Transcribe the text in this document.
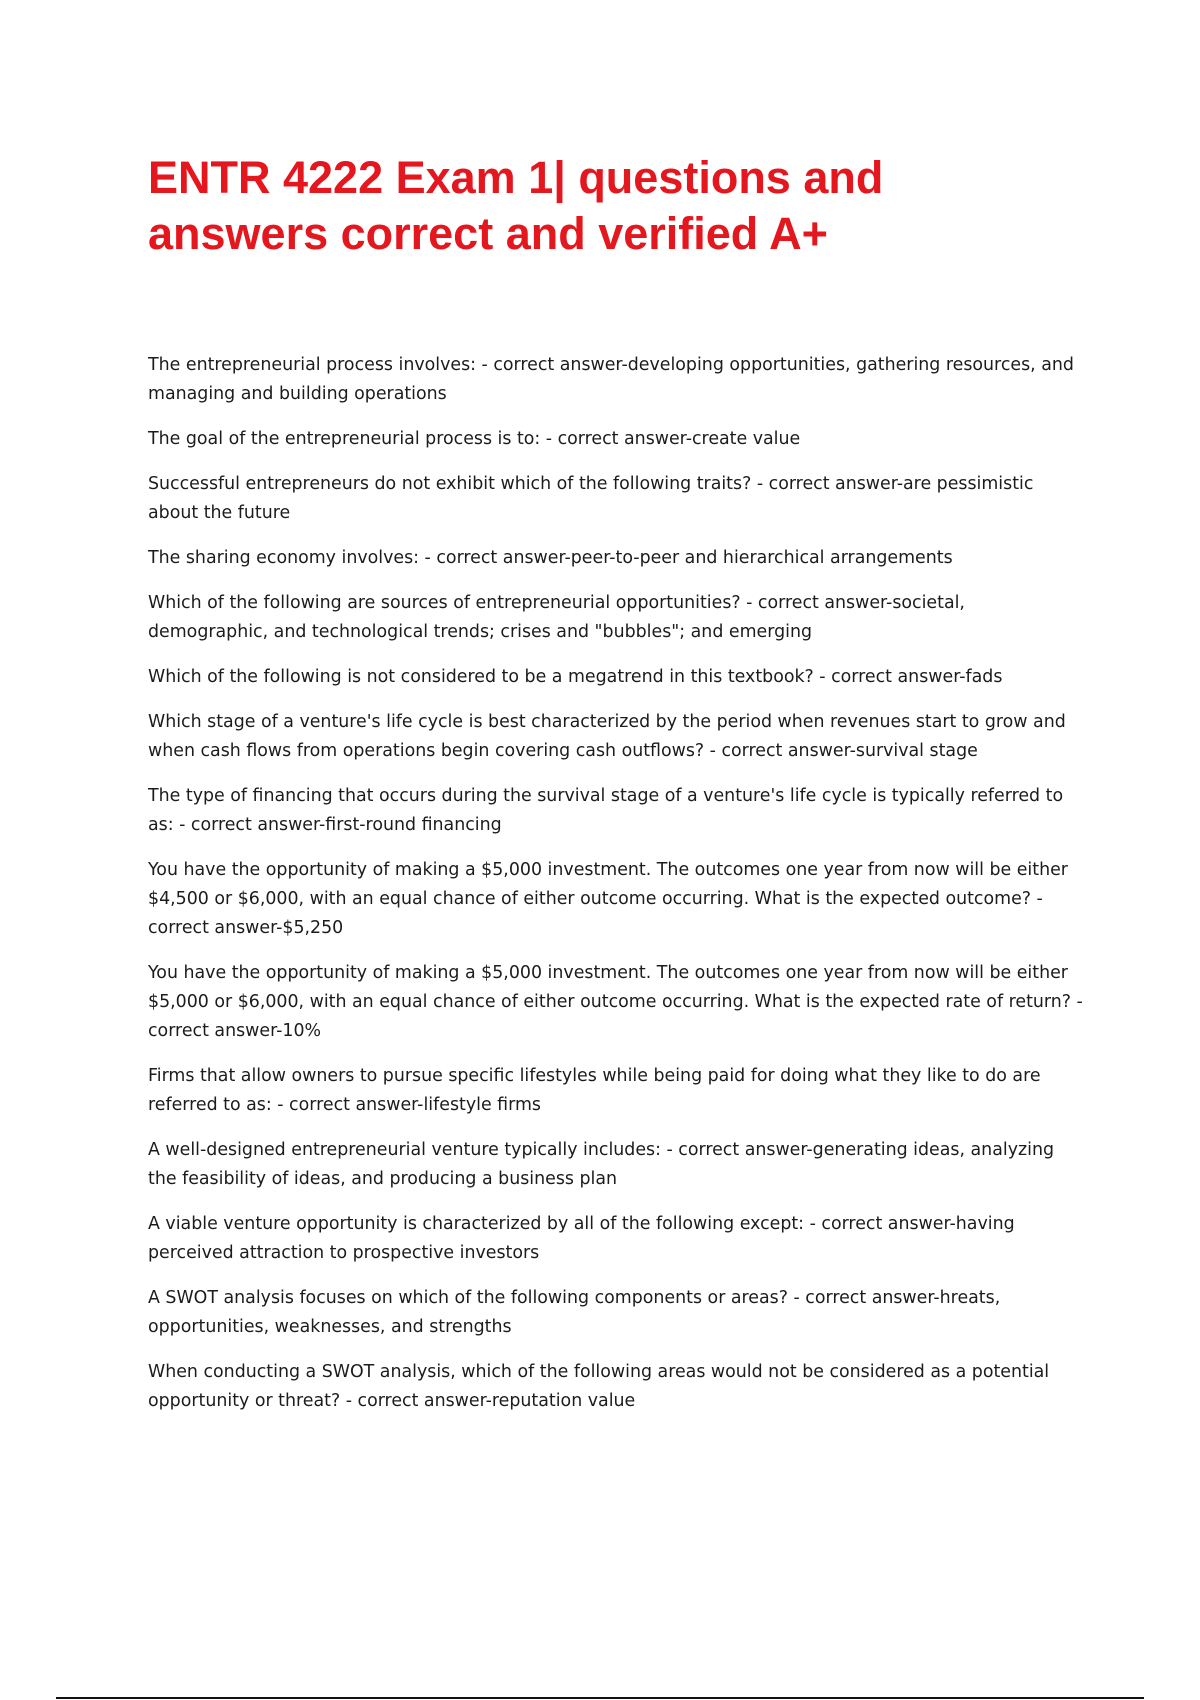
ENTR 4222 Exam 1| questions and
answers correct and verified A+
The entrepreneurial process involves: - correct answer-developing opportunities, gathering resources, and managing and building operations
The goal of the entrepreneurial process is to: - correct answer-create value
Successful entrepreneurs do not exhibit which of the following traits? - correct answer-are pessimistic about the future
The sharing economy involves: - correct answer-peer-to-peer and hierarchical arrangements
Which of the following are sources of entrepreneurial opportunities? - correct answer-societal, demographic, and technological trends; crises and "bubbles"; and emerging
Which of the following is not considered to be a megatrend in this textbook? - correct answer-fads
Which stage of a venture's life cycle is best characterized by the period when revenues start to grow and when cash flows from operations begin covering cash outflows? - correct answer-survival stage
The type of financing that occurs during the survival stage of a venture's life cycle is typically referred to as: - correct answer-first-round financing
You have the opportunity of making a $5,000 investment. The outcomes one year from now will be either $4,500 or $6,000, with an equal chance of either outcome occurring. What is the expected outcome? - correct answer-$5,250
You have the opportunity of making a $5,000 investment. The outcomes one year from now will be either $5,000 or $6,000, with an equal chance of either outcome occurring. What is the expected rate of return? - correct answer-10%
Firms that allow owners to pursue specific lifestyles while being paid for doing what they like to do are referred to as: - correct answer-lifestyle firms
A well-designed entrepreneurial venture typically includes: - correct answer-generating ideas, analyzing the feasibility of ideas, and producing a business plan
A viable venture opportunity is characterized by all of the following except: - correct answer-having perceived attraction to prospective investors
A SWOT analysis focuses on which of the following components or areas? - correct answer-hreats, opportunities, weaknesses, and strengths
When conducting a SWOT analysis, which of the following areas would not be considered as a potential opportunity or threat? - correct answer-reputation value
